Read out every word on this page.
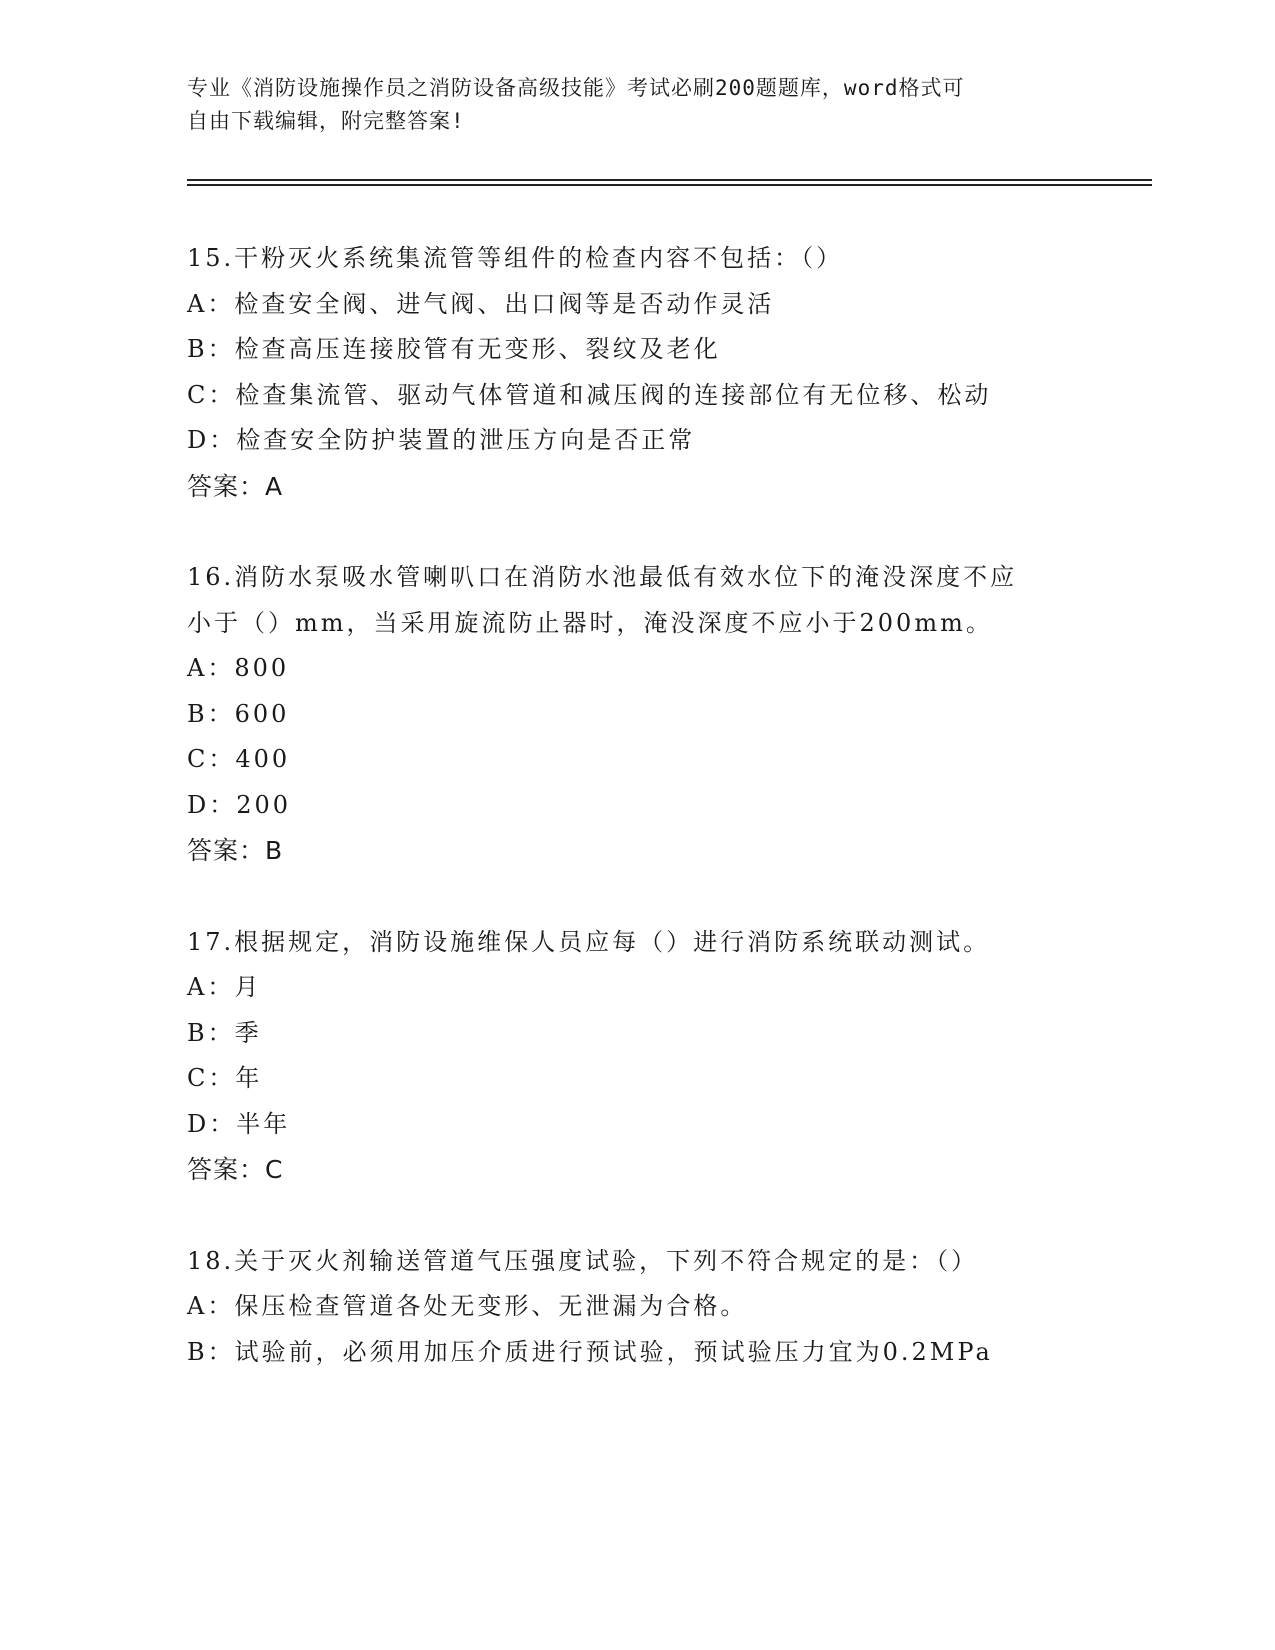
专业《消防设施操作员之消防设备高级技能》考试必刷200题题库，word格式可
自由下载编辑，附完整答案!
15.干粉灭火系统集流管等组件的检查内容不包括：（）
A：检查安全阀、进气阀、出口阀等是否动作灵活
B：检查高压连接胶管有无变形、裂纹及老化
C：检查集流管、驱动气体管道和减压阀的连接部位有无位移、松动
D：检查安全防护装置的泄压方向是否正常
答案：A
16.消防水泵吸水管喇叭口在消防水池最低有效水位下的淹没深度不应
小于（）mm，当采用旋流防止器时，淹没深度不应小于200mm。
A：800
B：600
C：400
D：200
答案：B
17.根据规定，消防设施维保人员应每（）进行消防系统联动测试。
A：月
B：季
C：年
D：半年
答案：C
18.关于灭火剂输送管道气压强度试验，下列不符合规定的是：（）
A：保压检查管道各处无变形、无泄漏为合格。
B：试验前，必须用加压介质进行预试验，预试验压力宜为0.2MPa
